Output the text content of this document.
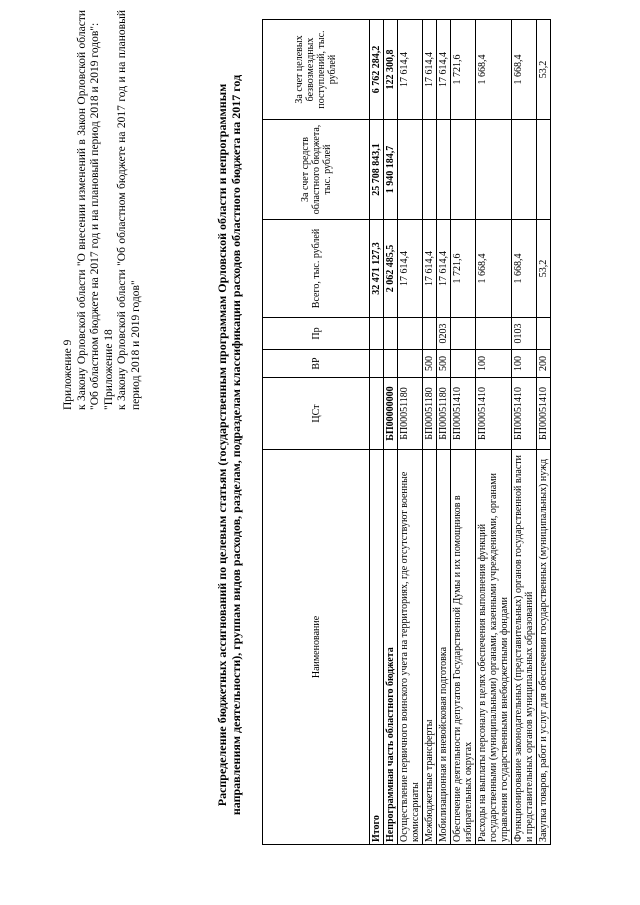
Приложение 9 к Закону Орловской области "О внесении изменений в Закон Орловской области "Об областном бюджете на 2017 год и на плановый период 2018 и 2019 годов": "Приложение 18 к Закону Орловской области "Об областном бюджете на 2017 год и на плановый период 2018 и 2019 годов"	Распределение бюджетных ассигнований по целевым статьям (государственным программам Орловской области и непрограммным направлениям деятельности), группам видов расходов, разделам, подразделам классификации расходов областного бюджета на 2017 год	Наименование	ЦСт	ВР	Пр	Всего, тыс. рублей	За счет средств областного бюджета, тыс. рублей	За счет целевых безвозмездных поступлений, тыс. рублей
Итого				32 471 127,3	25 708 843,1	6 762 284,2
Непрограммная часть областного бюджета	БП00000000			2 062 485,5	1 940 184,7	122 300,8
Осуществление первичного воинского учета на территориях, где отсутствуют военные комиссариаты	БП00051180			17 614,4		17 614,4
Межбюджетные трансферты	БП00051180	500		17 614,4		17 614,4
Мобилизационная и вневойсковая подготовка	БП00051180	500	0203	17 614,4		17 614,4
Обеспечение деятельности депутатов Государственной Думы и их помощников в избирательных округах	БП00051410			1 721,6		1 721,6
Расходы на выплаты персоналу в целях обеспечения выполнения функций государственными (муниципальными) органами, казенными учреждениями, органами управления государственными внебюджетными фондами	БП00051410	100		1 668,4		1 668,4
Функционирование законодательных (представительных) органов государственной власти и представительных органов муниципальных образований	БП00051410	100	0103	1 668,4		1 668,4
Закупка товаров, работ и услуг для обеспечения государственных (муниципальных) нужд	БП00051410	200		53,2		53,2
